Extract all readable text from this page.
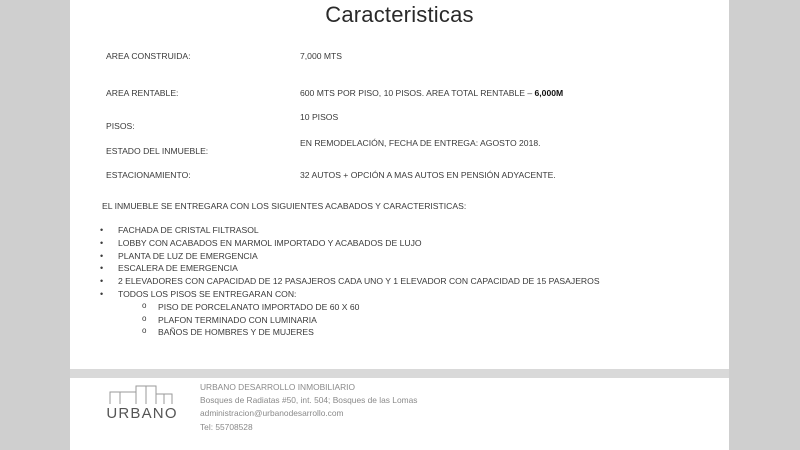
Caracteristicas
AREA CONSTRUIDA:	7,000 MTS
AREA RENTABLE:	600 MTS POR PISO, 10 PISOS. AREA TOTAL RENTABLE – 6,000M
PISOS:
10 PISOS
ESTADO DEL INMUEBLE:
EN REMODELACIÓN, FECHA DE ENTREGA: AGOSTO 2018.
ESTACIONAMIENTO:	32 AUTOS + OPCIÓN A MAS AUTOS EN PENSIÓN ADYACENTE.
EL INMUEBLE SE ENTREGARA CON LOS SIGUIENTES ACABADOS Y CARACTERISTICAS:
• FACHADA DE CRISTAL FILTRASOL
• LOBBY CON ACABADOS EN MARMOL IMPORTADO Y ACABADOS DE LUJO
• PLANTA DE LUZ DE EMERGENCIA
• ESCALERA DE EMERGENCIA
• 2 ELEVADORES CON CAPACIDAD DE 12 PASAJEROS CADA UNO Y 1 ELEVADOR CON CAPACIDAD DE 15 PASAJEROS
• TODOS LOS PISOS SE ENTREGARAN CON:
o PISO DE PORCELANATO IMPORTADO DE 60 X 60
o PLAFON TERMINADO CON LUMINARIA
o BAÑOS DE HOMBRES Y DE MUJERES
URBANO
URBANO DESARROLLO INMOBILIARIO
Bosques de Radiatas #50, int. 504; Bosques de las Lomas
administracion@urbanodesarrollo.com
Tel: 55708528
